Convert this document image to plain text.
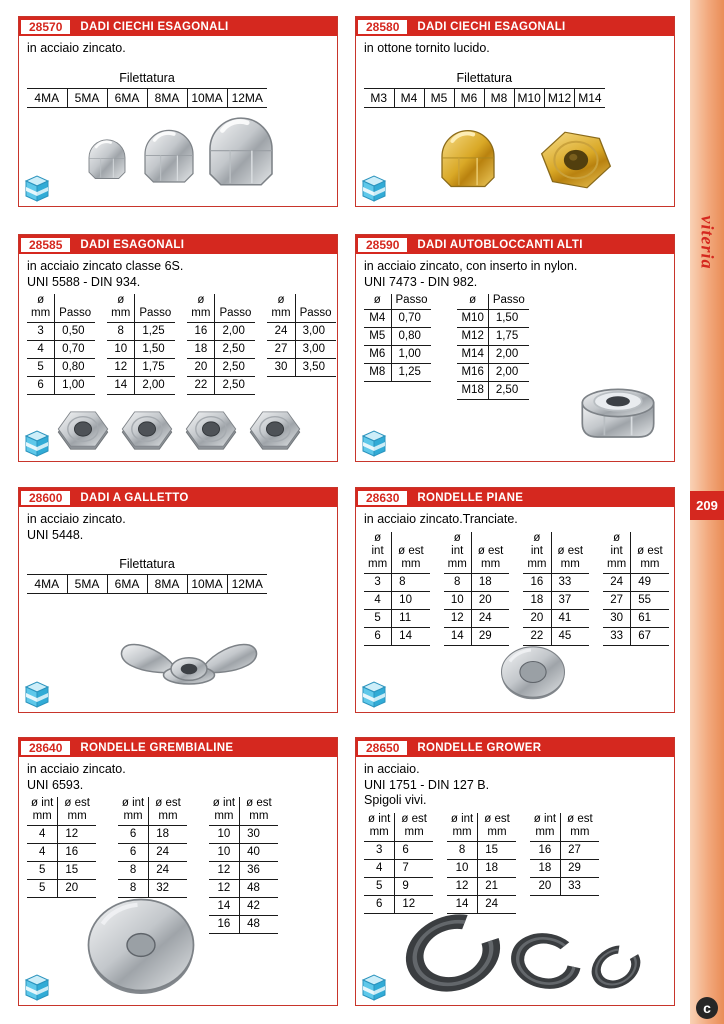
28570	DADI CIECHI ESAGONALI
in acciaio zincato.
Filettatura
4MA	5MA	6MA	8MA	10MA	12MA
28580	DADI CIECHI ESAGONALI
in ottone tornito lucido.
Filettatura
M3	M4	M5	M6	M8	M10	M12	M14
28585	DADI ESAGONALI
in acciaio zincato classe 6S.
UNI 5588 - DIN 934.
ø
mm	Passo
3	0,50
4	0,70
5	0,80
6	1,00
ø
mm	Passo
8	1,25
10	1,50
12	1,75
14	2,00
ø
mm	Passo
16	2,00
18	2,50
20	2,50
22	2,50
ø
mm	Passo
24	3,00
27	3,00
30	3,50
28590	DADI AUTOBLOCCANTI ALTI
in acciaio zincato, con inserto in nylon.
UNI 7473 - DIN 982.
ø	Passo
M4	0,70
M5	0,80
M6	1,00
M8	1,25
ø	Passo
M10	1,50
M12	1,75
M14	2,00
M16	2,00
M18	2,50
28600	DADI A GALLETTO
in acciaio zincato.
UNI 5448.
Filettatura
4MA	5MA	6MA	8MA	10MA	12MA
28630	RONDELLE PIANE
in acciaio zincato.Tranciate.
ø int
mm	ø est
mm
3	8
4	10
5	11
6	14
ø int
mm	ø est
mm
8	18
10	20
12	24
14	29
ø int
mm	ø est
mm
16	33
18	37
20	41
22	45
ø int
mm	ø est
mm
24	49
27	55
30	61
33	67
28640	RONDELLE GREMBIALINE
in acciaio zincato.
UNI 6593.
ø int
mm	ø est
mm
4	12
4	16
5	15
5	20
ø int
mm	ø est
mm
6	18
6	24
8	24
8	32
ø int
mm	ø est
mm
10	30
10	40
12	36
12	48
14	42
16	48
28650	RONDELLE GROWER
in acciaio.
UNI 1751 - DIN 127 B.
Spigoli vivi.
ø int
mm	ø est
mm
3	6
4	7
5	9
6	12
ø int
mm	ø est
mm
8	15
10	18
12	21
14	24
ø int
mm	ø est
mm
16	27
18	29
20	33
viteria
209
c
